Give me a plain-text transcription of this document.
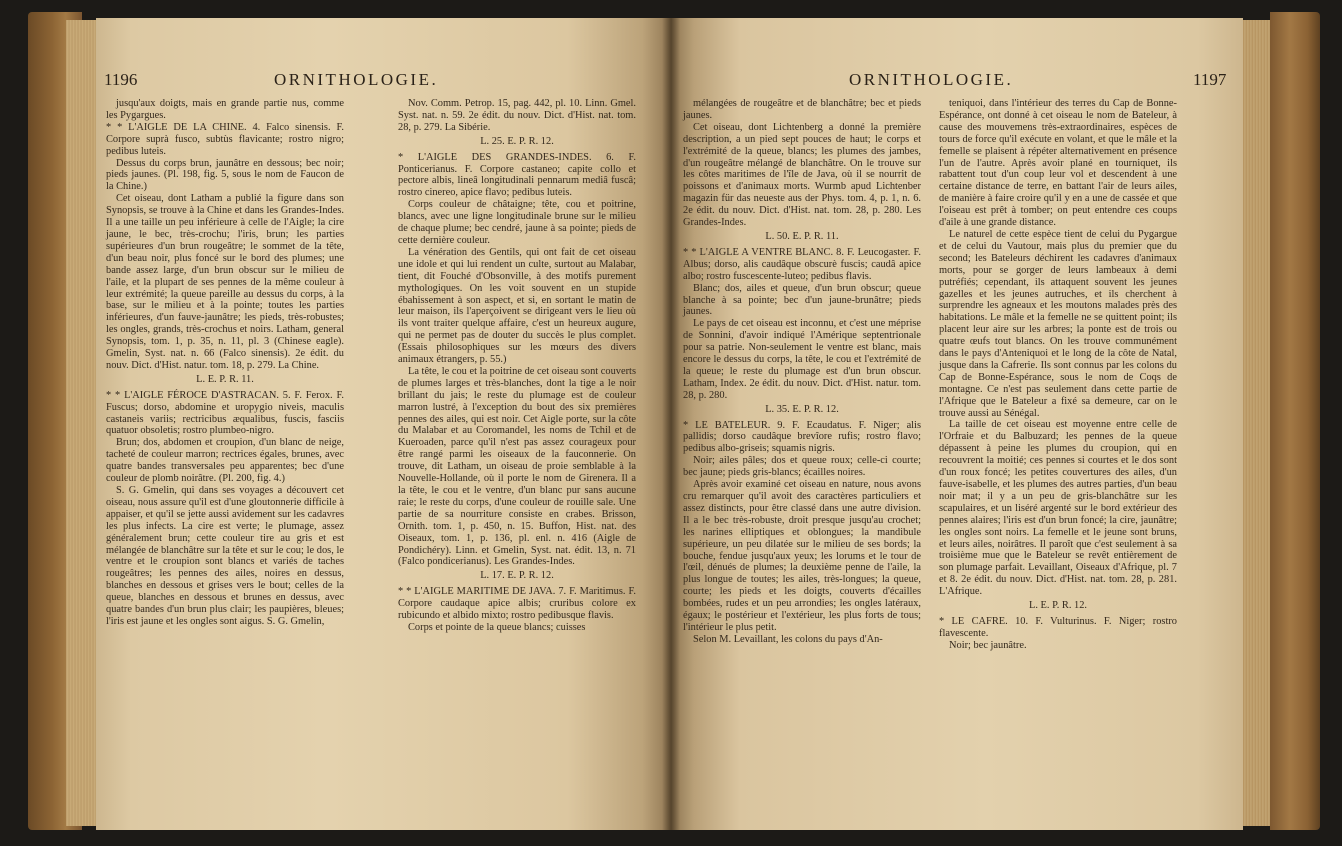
1196	ORNITHOLOGIE.

jusqu'aux doigts, mais en grande partie nus, comme les Pygargues.

* * L'AIGLE DE LA CHINE. 4. Falco sinensis. F. Corpore suprà fusco, subtùs flavicante; rostro nigro; pedibus luteis.

Dessus du corps brun, jaunâtre en dessous; bec noir; pieds jaunes. (Pl. 198, fig. 5, sous le nom de Faucon de la Chine.)

Cet oiseau, dont Latham a publié la figure dans son Synopsis, se trouve à la Chine et dans les Grandes-Indes. Il a une taille un peu inférieure à celle de l'Aigle; la cire jaune, le bec, très-crochu; l'iris, brun; les parties supérieures d'un brun rougeâtre; le sommet de la tête, d'un beau noir, plus foncé sur le bord des plumes; une bande assez large, d'un brun obscur sur le milieu de l'aile, et la plupart de ses pennes de la même couleur à leur extrémité; la queue pareille au dessus du corps, à la base, sur le milieu et à la pointe; toutes les parties inférieures, d'un fauve-jaunâtre; les pieds, très-robustes; les ongles, grands, très-crochus et noirs. Latham, general Synopsis, tom. 1, p. 35, n. 11, pl. 3 (Chinese eagle). Gmelin, Syst. nat. n. 66 (Falco sinensis). 2e édit. du nouv. Dict. d'Hist. natur. tom. 18, p. 279. La Chine.

L. E. P. R. 11.

* * L'AIGLE FÉROCE D'ASTRACAN. 5. F. Ferox. F. Fuscus; dorso, abdomine et uropygio niveis, maculis castaneis variis; rectricibus æqualibus, fuscis, fasciis quatuor obsoletis; rostro plumbeo-nigro.

Brun; dos, abdomen et croupion, d'un blanc de neige, tacheté de couleur marron; rectrices égales, brunes, avec quatre bandes transversales peu apparentes; bec d'une couleur de plomb noirâtre. (Pl. 200, fig. 4.)

S. G. Gmelin, qui dans ses voyages a découvert cet oiseau, nous assure qu'il est d'une gloutonnerie difficile à appaiser, et qu'il se jette aussi avidement sur les cadavres les plus infects. La cire est verte; le plumage, assez généralement brun; cette couleur tire au gris et est mélangée de blanchâtre sur la tête et sur le cou; le dos, le ventre et le croupion sont blancs et variés de taches rougeâtres; les pennes des ailes, noires en dessus, blanches en dessous et grises vers le bout; celles de la queue, blanches en dessous et brunes en dessus, avec quatre bandes d'un brun plus clair; les paupières, bleues; l'iris est jaune et les ongles sont aigus. S. G. Gmelin,

Nov. Comm. Petrop. 15, pag. 442, pl. 10. Linn. Gmel. Syst. nat. n. 59. 2e édit. du nouv. Dict. d'Hist. nat. tom. 28, p. 279. La Sibérie.

L. 25. E. P. R. 12.

* L'AIGLE DES GRANDES-INDES. 6. F. Ponticerianus. F. Corpore castaneo; capite collo et pectore albis, lineâ longitudinali pennarum mediâ fuscâ; rostro cinereo, apice flavo; pedibus luteis.

Corps couleur de châtaigne; tête, cou et poitrine, blancs, avec une ligne longitudinale brune sur le milieu de chaque plume; bec cendré, jaune à sa pointe; pieds de cette dernière couleur.

La vénération des Gentils, qui ont fait de cet oiseau une idole et qui lui rendent un culte, surtout au Malabar, tient, dit Fouché d'Obsonville, à des motifs purement mythologiques. On les voit souvent en un stupide ébahissement à son aspect, et si, en sortant le matin de leur maison, ils l'aperçoivent se dirigeant vers le lieu où ils vont traiter quelque affaire, c'est un heureux augure, qui ne permet pas de douter du succès le plus complet. (Essais philosophiques sur les mœurs des divers animaux étrangers, p. 55.)

La tête, le cou et la poitrine de cet oiseau sont couverts de plumes larges et très-blanches, dont la tige a le noir brillant du jais; le reste du plumage est de couleur marron lustré, à l'exception du bout des six premières pennes des ailes, qui est noir. Cet Aigle porte, sur la côte du Malabar et au Coromandel, les noms de Tchil et de Kueroaden, parce qu'il n'est pas assez courageux pour être rangé parmi les oiseaux de la fauconnerie. On trouve, dit Latham, un oiseau de proie semblable à la Nouvelle-Hollande, où il porte le nom de Girenera. Il a la tête, le cou et le ventre, d'un blanc pur sans aucune raie; le reste du corps, d'une couleur de rouille sale. Une partie de sa nourriture consiste en crabes. Brisson, Ornith. tom. 1, p. 450, n. 15. Buffon, Hist. nat. des Oiseaux, tom. 1, p. 136, pl. enl. n. 416 (Aigle de Pondichéry). Linn. et Gmelin, Syst. nat. édit. 13, n. 71 (Falco pondicerianus). Les Grandes-Indes.

L. 17. E. P. R. 12.

* * L'AIGLE MARITIME DE JAVA. 7. F. Maritimus. F. Corpore caudaque apice albis; cruribus colore ex rubicundo et albido mixto; rostro pedibusque flavis.

Corps et pointe de la queue blancs; cuisses

ORNITHOLOGIE.	1197

mélangées de rougeâtre et de blanchâtre; bec et pieds jaunes.

Cet oiseau, dont Lichtenberg a donné la première description, a un pied sept pouces de haut; le corps et l'extrémité de la queue, blancs; les plumes des jambes, d'un rougeâtre mélangé de blanchâtre. On le trouve sur les côtes maritimes de l'île de Java, où il se nourrit de poissons et d'animaux morts. Wurmb apud Lichtenber magazin für das neueste aus der Phys. tom. 4, p. 1, n. 6. 2e édit. du nouv. Dict. d'Hist. nat. tom. 28, p. 280. Les Grandes-Indes.

L. 50. E. P. R. 11.

* * L'AIGLE A VENTRE BLANC. 8. F. Leucogaster. F. Albus; dorso, alis caudâque obscurè fuscis; caudâ apice albo; rostro fuscescente-luteo; pedibus flavis.

Blanc; dos, ailes et queue, d'un brun obscur; queue blanche à sa pointe; bec d'un jaune-brunâtre; pieds jaunes.

Le pays de cet oiseau est inconnu, et c'est une méprise de Sonnini, d'avoir indiqué l'Amérique septentrionale pour sa patrie. Non-seulement le ventre est blanc, mais encore le dessus du corps, la tête, le cou et l'extrémité de la queue; le reste du plumage est d'un brun obscur. Latham, Index. 2e édit. du nouv. Dict. d'Hist. natur. tom. 28, p. 280.

L. 35. E. P. R. 12.

* LE BATELEUR. 9. F. Ecaudatus. F. Niger; alis pallidis; dorso caudâque brevîore rufis; rostro flavo; pedibus albo-griseis; squamis nigris.

Noir; ailes pâles; dos et queue roux; celle-ci courte; bec jaune; pieds gris-blancs; écailles noires.

Après avoir examiné cet oiseau en nature, nous avons cru remarquer qu'il avoit des caractères particuliers et assez distincts, pour être classé dans une autre division. Il a le bec très-robuste, droit presque jusqu'au crochet; les narines elliptiques et oblongues; la mandibule supérieure, un peu dilatée sur le milieu de ses bords; la bouche, fendue jusqu'aux yeux; les lorums et le tour de l'œil, dénués de plumes; la deuxième penne de l'aile, la plus longue de toutes; les ailes, très-longues; la queue, courte; les pieds et les doigts, couverts d'écailles bombées, rudes et un peu arrondies; les ongles latéraux, égaux; le postérieur et l'extérieur, les plus forts de tous; l'intérieur le plus petit.

Selon M. Levaillant, les colons du pays d'An-

teniquoi, dans l'intérieur des terres du Cap de Bonne-Espérance, ont donné à cet oiseau le nom de Bateleur, à cause des mouvemens très-extraordinaires, espèces de tours de force qu'il exécute en volant, et que le mâle et la femelle se plaisent à répéter alternativement en présence l'un de l'autre. Après avoir plané en tourniquet, ils rabattent tout d'un coup leur vol et descendent à une certaine distance de terre, en battant l'air de leurs ailes, de manière à faire croire qu'il y en a une de cassée et que l'oiseau est prêt à tomber; on peut entendre ces coups d'aile à une grande distance.

Le naturel de cette espèce tient de celui du Pygargue et de celui du Vautour, mais plus du premier que du second; les Bateleurs déchirent les cadavres d'animaux morts, pour se gorger de leurs lambeaux à demi putréfiés; cependant, ils attaquent souvent les jeunes gazelles et les jeunes autruches, et ils cherchent à surprendre les agneaux et les moutons malades près des habitations. Le mâle et la femelle ne se quittent point; ils placent leur aire sur les arbres; la ponte est de trois ou quatre œufs tout blancs. On les trouve communément dans le pays d'Anteniquoi et le long de la côte de Natal, jusque dans la Cafrerie. Ils sont connus par les colons du Cap de Bonne-Espérance, sous le nom de Coqs de montagne. Ce n'est pas seulement dans cette partie de l'Afrique que le Bateleur a fixé sa demeure, car on le trouve aussi au Sénégal.

La taille de cet oiseau est moyenne entre celle de l'Orfraie et du Balbuzard; les pennes de la queue dépassent à peine les plumes du croupion, qui en recouvrent la moitié; ces pennes si courtes et le dos sont d'un roux foncé; les petites couvertures des ailes, d'un fauve-isabelle, et les plumes des autres parties, d'un beau noir mat; il y a un peu de gris-blanchâtre sur les scapulaires, et un liséré argenté sur le bord extérieur des pennes alaires; l'iris est d'un brun foncé; la cire, jaunâtre; les ongles sont noirs. La femelle et le jeune sont bruns, et leurs ailes, noirâtres. Il paroît que c'est seulement à sa troisième mue que le Bateleur se revêt entièrement de son plumage parfait. Levaillant, Oiseaux d'Afrique, pl. 7 et 8. 2e édit. du nouv. Dict. d'Hist. nat. tom. 28, p. 281. L'Afrique.

L. E. P. R. 12.

* LE CAFRE. 10. F. Vulturinus. F. Niger; rostro flavescente.

Noir; bec jaunâtre.
